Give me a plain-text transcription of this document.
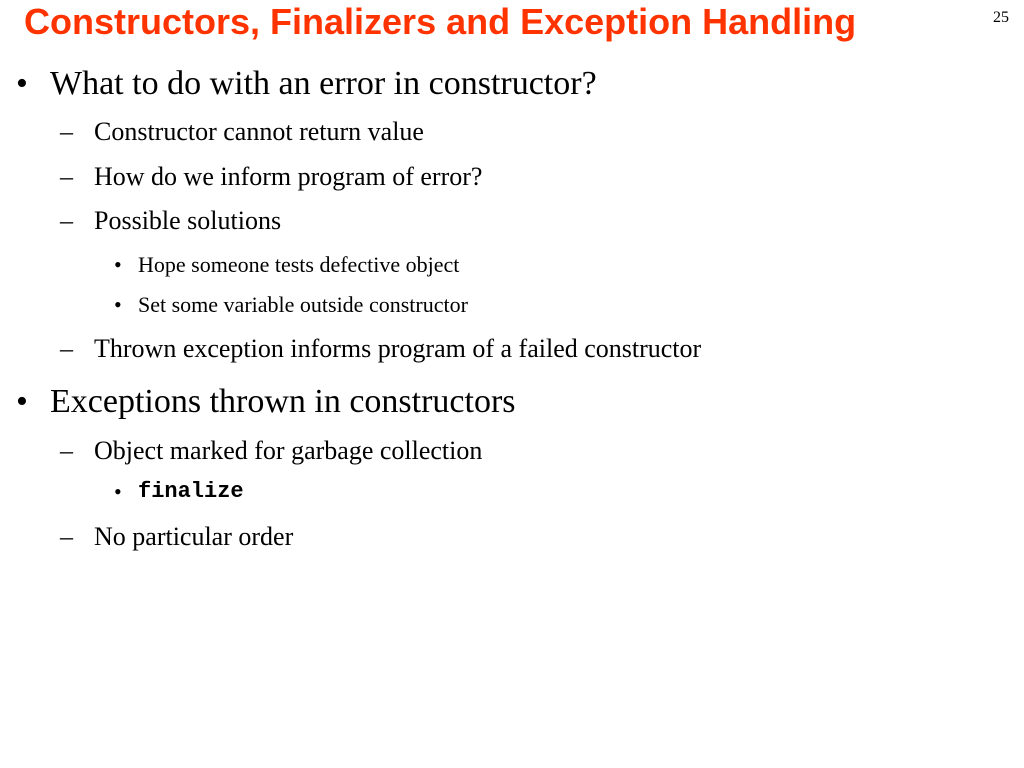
Constructors, Finalizers and Exception Handling	25
• What to do with an error in constructor?
– Constructor cannot return value
– How do we inform program of error?
– Possible solutions
• Hope someone tests defective object
• Set some variable outside constructor
– Thrown exception informs program of a failed constructor
• Exceptions thrown in constructors
– Object marked for garbage collection
• finalize
– No particular order
